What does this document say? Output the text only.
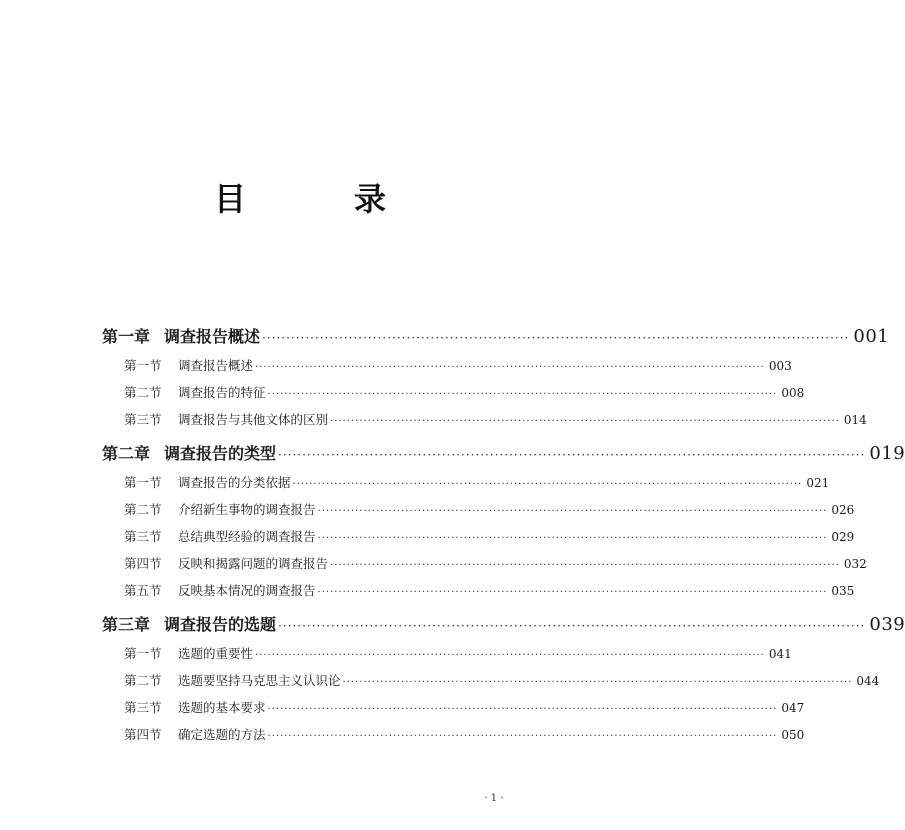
目　录
第一章 调查报告概述 ·························································································································· 001
第一节	调查报告概述 ·························································································································· 003
第二节	调查报告的特征 ·························································································································· 008
第三节	调查报告与其他文体的区别 ·························································································································· 014
第二章 调查报告的类型 ·························································································································· 019
第一节	调查报告的分类依据 ·························································································································· 021
第二节	介绍新生事物的调查报告 ·························································································································· 026
第三节	总结典型经验的调查报告 ·························································································································· 029
第四节	反映和揭露问题的调查报告 ·························································································································· 032
第五节	反映基本情况的调查报告 ·························································································································· 035
第三章 调查报告的选题 ·························································································································· 039
第一节	选题的重要性 ·························································································································· 041
第二节	选题要坚持马克思主义认识论 ·························································································································· 044
第三节	选题的基本要求 ·························································································································· 047
第四节	确定选题的方法 ·························································································································· 050
· 1 ·
